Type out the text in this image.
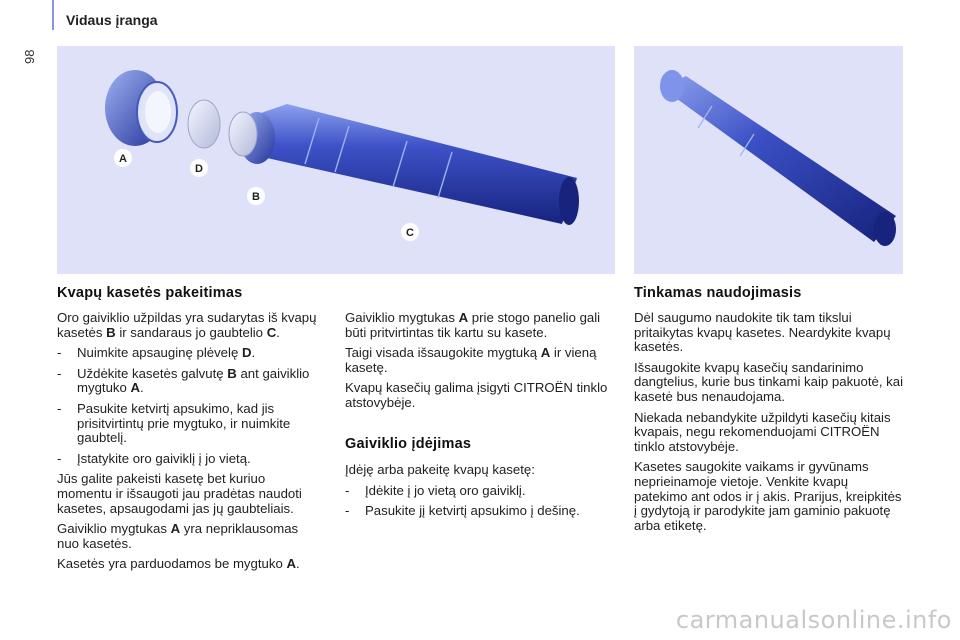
98
Vidaus įranga
A
D
B
C
Kvapų kasetės pakeitimas

Oro gaiviklio užpildas yra sudarytas iš kvapų kasetės B ir sandaraus jo gaubtelio C.

- Nuimkite apsauginę plėvelę D.
- Uždėkite kasetės galvutę B ant gaiviklio mygtuko A.
- Pasukite ketvirtį apsukimo, kad jis prisitvirtintų prie mygtuko, ir nuimkite gaubtelį.
- Įstatykite oro gaiviklį į jo vietą.

Jūs galite pakeisti kasetę bet kuriuo momentu ir išsaugoti jau pradėtas naudoti kasetes, apsaugodami jas jų gaubteliais.

Gaiviklio mygtukas A yra nepriklausomas nuo kasetės.

Kasetės yra parduodamos be mygtuko A.

Gaiviklio mygtukas A prie stogo panelio gali būti pritvirtintas tik kartu su kasete.

Taigi visada išsaugokite mygtuką A ir vieną kasetę.

Kvapų kasečių galima įsigyti CITROËN tinklo atstovybėje.

Gaiviklio įdėjimas

Įdėję arba pakeitę kvapų kasetę:

- Įdėkite į jo vietą oro gaiviklį.
- Pasukite jį ketvirtį apsukimo į dešinę.
Tinkamas naudojimasis

Dėl saugumo naudokite tik tam tikslui pritaikytas kvapų kasetes. Neardykite kvapų kasetės.

Išsaugokite kvapų kasečių sandarinimo dangtelius, kurie bus tinkami kaip pakuotė, kai kasetė bus nenaudojama.

Niekada nebandykite užpildyti kasečių kitais kvapais, negu rekomenduojami CITROËN tinklo atstovybėje.

Kasetes saugokite vaikams ir gyvūnams neprieinamoje vietoje. Venkite kvapų patekimo ant odos ir į akis. Prarijus, kreipkitės į gydytoją ir parodykite jam gaminio pakuotę arba etiketę.

carmanualsonline.info
